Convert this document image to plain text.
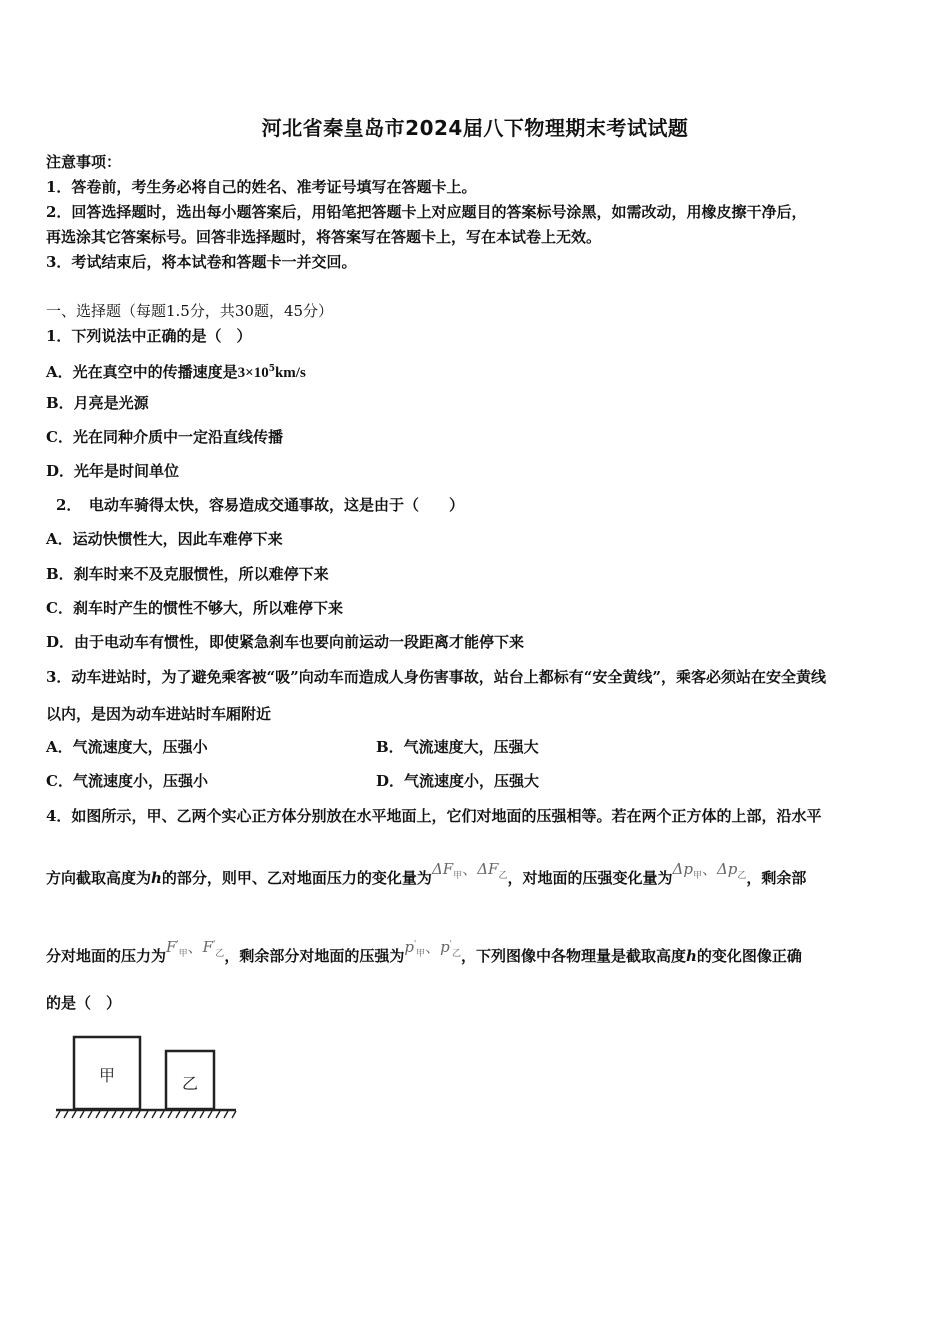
河北省秦皇岛市2024届八下物理期末考试试题
注意事项：
1．答卷前，考生务必将自己的姓名、准考证号填写在答题卡上。
2．回答选择题时，选出每小题答案后，用铅笔把答题卡上对应题目的答案标号涂黑，如需改动，用橡皮擦干净后，
再选涂其它答案标号。回答非选择题时，将答案写在答题卡上，写在本试卷上无效。
3．考试结束后，将本试卷和答题卡一并交回。
一、选择题（每题1.5分，共30题，45分）
1．下列说法中正确的是（　）
A．光在真空中的传播速度是$3\times 10^5km/s$
B．月亮是光源
C．光在同种介质中一定沿直线传播
D．光年是时间单位
2．　电动车骑得太快，容易造成交通事故，这是由于（　　）
A．运动快惯性大，因此车难停下来
B．刹车时来不及克服惯性，所以难停下来
C．刹车时产生的惯性不够大，所以难停下来
D．由于电动车有惯性，即使紧急刹车也要向前运动一段距离才能停下来
3．动车进站时，为了避免乘客被“吸”向动车而造成人身伤害事故，站台上都标有“安全黄线”，乘客必须站在安全黄线
以内，是因为动车进站时车厢附近
A．气流速度大，压强小	B．气流速度大，压强大
C．气流速度小，压强小	D．气流速度小，压强大
4．如图所示，甲、乙两个实心正方体分别放在水平地面上，它们对地面的压强相等。若在两个正方体的上部，沿水平
方向截取高度为h的部分，则甲、乙对地面压力的变化量为$\Delta F_甲$、$\Delta F_乙$，对地面的压强变化量为$\Delta p_甲$、$\Delta p_乙$，剩余部
分对地面的压力为$F'_甲$、$F'_乙$，剩余部分对地面的压强为$p'_甲$、$p'_乙$，下列图像中各物理量是截取高度h的变化图像正确
的是（　）
甲	乙
